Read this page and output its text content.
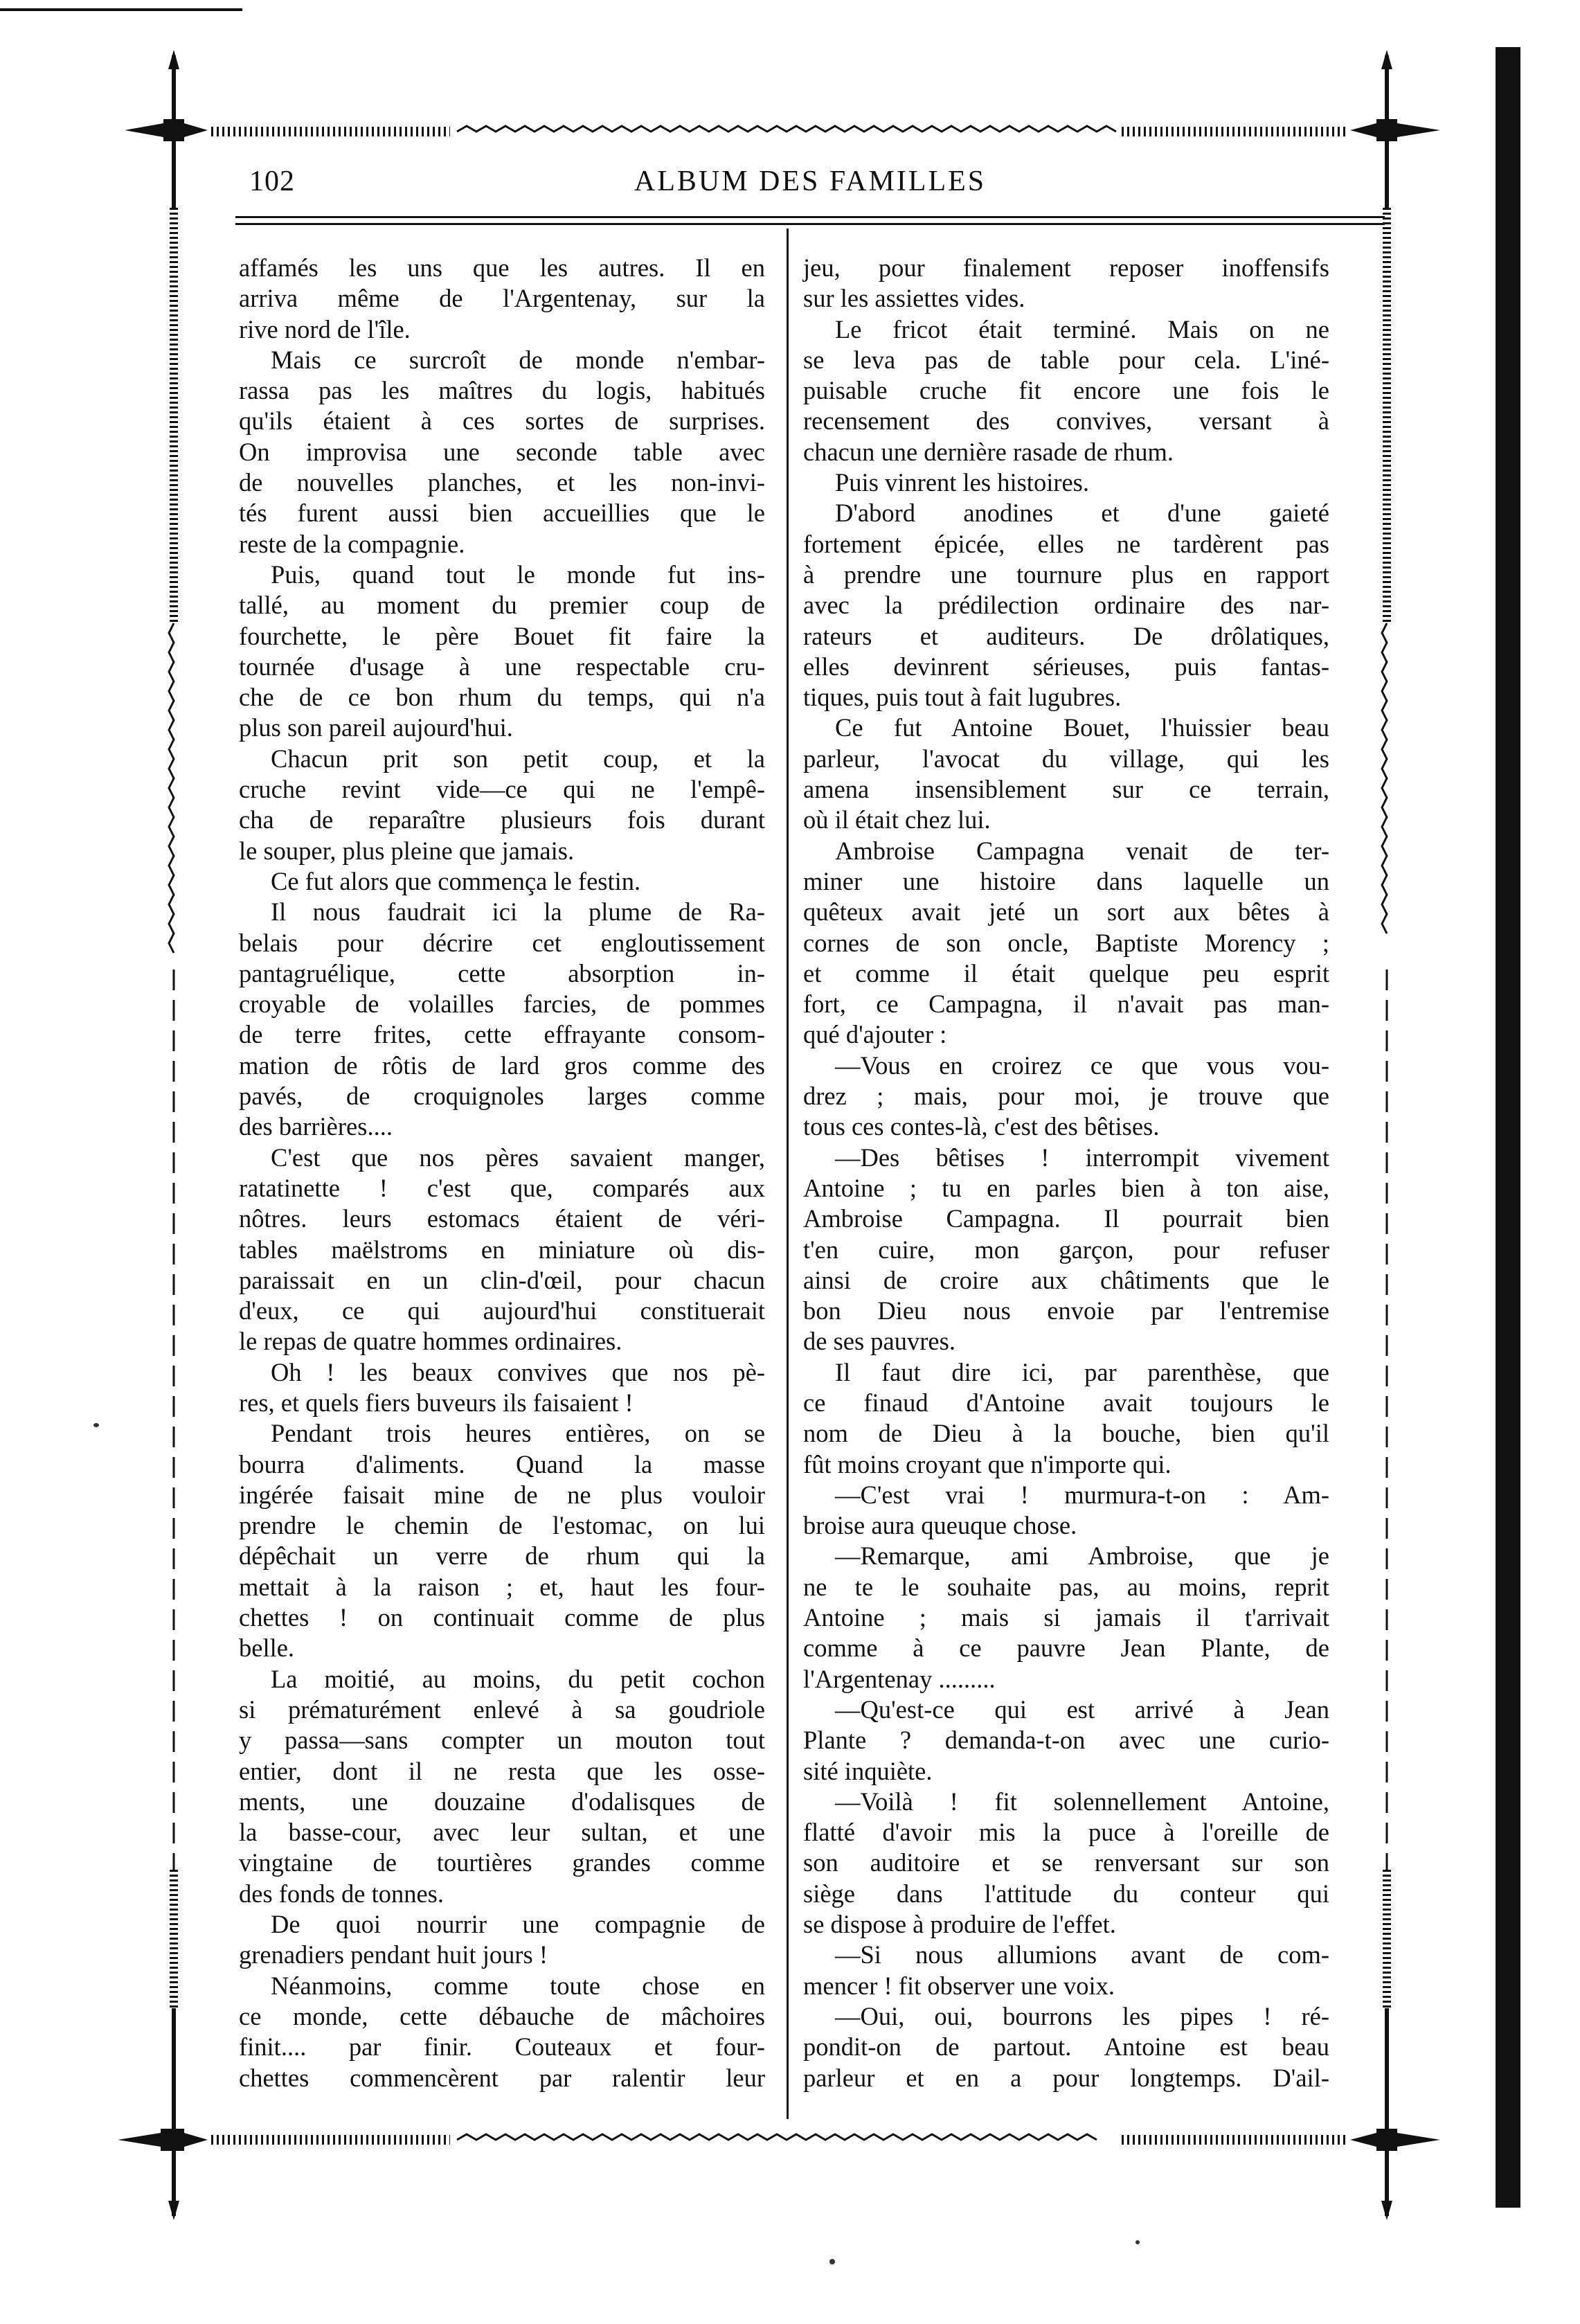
102	ALBUM DES FAMILLES
affamés les uns que les autres. Il en
arriva même de l'Argentenay, sur la
rive nord de l'île.
Mais ce surcroît de monde n'embar-
rassa pas les maîtres du logis, habitués
qu'ils étaient à ces sortes de surprises.
On improvisa une seconde table avec
de nouvelles planches, et les non-invi-
tés furent aussi bien accueillies que le
reste de la compagnie.
Puis, quand tout le monde fut ins-
tallé, au moment du premier coup de
fourchette, le père Bouet fit faire la
tournée d'usage à une respectable cru-
che de ce bon rhum du temps, qui n'a
plus son pareil aujourd'hui.
Chacun prit son petit coup, et la
cruche revint vide—ce qui ne l'empê-
cha de reparaître plusieurs fois durant
le souper, plus pleine que jamais.
Ce fut alors que commença le festin.
Il nous faudrait ici la plume de Ra-
belais pour décrire cet engloutissement
pantagruélique, cette absorption in-
croyable de volailles farcies, de pommes
de terre frites, cette effrayante consom-
mation de rôtis de lard gros comme des
pavés, de croquignoles larges comme
des barrières....
C'est que nos pères savaient manger,
ratatinette ! c'est que, comparés aux
nôtres. leurs estomacs étaient de véri-
tables maëlstroms en miniature où dis-
paraissait en un clin-d'œil, pour chacun
d'eux, ce qui aujourd'hui constituerait
le repas de quatre hommes ordinaires.
Oh ! les beaux convives que nos pè-
res, et quels fiers buveurs ils faisaient !
Pendant trois heures entières, on se
bourra d'aliments. Quand la masse
ingérée faisait mine de ne plus vouloir
prendre le chemin de l'estomac, on lui
dépêchait un verre de rhum qui la
mettait à la raison ; et, haut les four-
chettes ! on continuait comme de plus
belle.
La moitié, au moins, du petit cochon
si prématurément enlevé à sa goudriole
y passa—sans compter un mouton tout
entier, dont il ne resta que les osse-
ments, une douzaine d'odalisques de
la basse-cour, avec leur sultan, et une
vingtaine de tourtières grandes comme
des fonds de tonnes.
De quoi nourrir une compagnie de
grenadiers pendant huit jours !
Néanmoins, comme toute chose en
ce monde, cette débauche de mâchoires
finit.... par finir. Couteaux et four-
chettes commencèrent par ralentir leur
jeu, pour finalement reposer inoffensifs
sur les assiettes vides.
Le fricot était terminé. Mais on ne
se leva pas de table pour cela. L'iné-
puisable cruche fit encore une fois le
recensement des convives, versant à
chacun une dernière rasade de rhum.
Puis vinrent les histoires.
D'abord anodines et d'une gaieté
fortement épicée, elles ne tardèrent pas
à prendre une tournure plus en rapport
avec la prédilection ordinaire des nar-
rateurs et auditeurs. De drôlatiques,
elles devinrent sérieuses, puis fantas-
tiques, puis tout à fait lugubres.
Ce fut Antoine Bouet, l'huissier beau
parleur, l'avocat du village, qui les
amena insensiblement sur ce terrain,
où il était chez lui.
Ambroise Campagna venait de ter-
miner une histoire dans laquelle un
quêteux avait jeté un sort aux bêtes à
cornes de son oncle, Baptiste Morency ;
et comme il était quelque peu esprit
fort, ce Campagna, il n'avait pas man-
qué d'ajouter :
—Vous en croirez ce que vous vou-
drez ; mais, pour moi, je trouve que
tous ces contes-là, c'est des bêtises.
—Des bêtises ! interrompit vivement
Antoine ; tu en parles bien à ton aise,
Ambroise Campagna. Il pourrait bien
t'en cuire, mon garçon, pour refuser
ainsi de croire aux châtiments que le
bon Dieu nous envoie par l'entremise
de ses pauvres.
Il faut dire ici, par parenthèse, que
ce finaud d'Antoine avait toujours le
nom de Dieu à la bouche, bien qu'il
fût moins croyant que n'importe qui.
—C'est vrai ! murmura-t-on : Am-
broise aura queuque chose.
—Remarque, ami Ambroise, que je
ne te le souhaite pas, au moins, reprit
Antoine ; mais si jamais il t'arrivait
comme à ce pauvre Jean Plante, de
l'Argentenay .........
—Qu'est-ce qui est arrivé à Jean
Plante ? demanda-t-on avec une curio-
sité inquiète.
—Voilà ! fit solennellement Antoine,
flatté d'avoir mis la puce à l'oreille de
son auditoire et se renversant sur son
siège dans l'attitude du conteur qui
se dispose à produire de l'effet.
—Si nous allumions avant de com-
mencer ! fit observer une voix.
—Oui, oui, bourrons les pipes ! ré-
pondit-on de partout. Antoine est beau
parleur et en a pour longtemps. D'ail-
